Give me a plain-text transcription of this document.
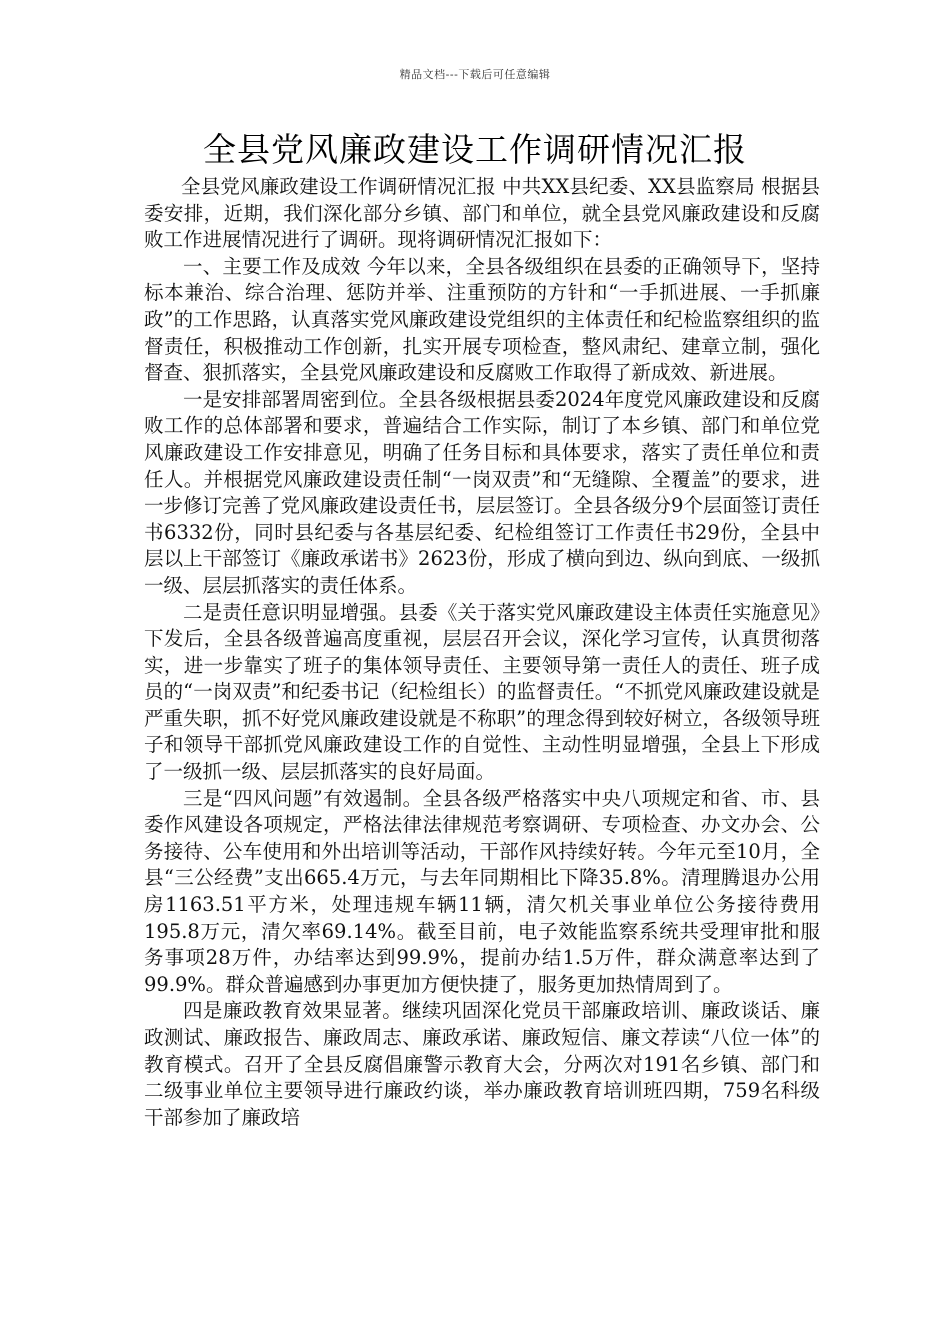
精品文档---下载后可任意编辑
全县党风廉政建设工作调研情况汇报

全县党风廉政建设工作调研情况汇报 中共XX县纪委、XX县监察局 根据县委安排，近期，我们深化部分乡镇、部门和单位，就全县党风廉政建设和反腐败工作进展情况进行了调研。现将调研情况汇报如下：

一、主要工作及成效 今年以来，全县各级组织在县委的正确领导下，坚持标本兼治、综合治理、惩防并举、注重预防的方针和“一手抓进展、一手抓廉政”的工作思路，认真落实党风廉政建设党组织的主体责任和纪检监察组织的监督责任，积极推动工作创新，扎实开展专项检查，整风肃纪、建章立制，强化督查、狠抓落实，全县党风廉政建设和反腐败工作取得了新成效、新进展。

一是安排部署周密到位。全县各级根据县委2024年度党风廉政建设和反腐败工作的总体部署和要求，普遍结合工作实际，制订了本乡镇、部门和单位党风廉政建设工作安排意见，明确了任务目标和具体要求，落实了责任单位和责任人。并根据党风廉政建设责任制“一岗双责”和“无缝隙、全覆盖”的要求，进一步修订完善了党风廉政建设责任书，层层签订。全县各级分9个层面签订责任书6332份，同时县纪委与各基层纪委、纪检组签订工作责任书29份，全县中层以上干部签订《廉政承诺书》2623份，形成了横向到边、纵向到底、一级抓一级、层层抓落实的责任体系。

二是责任意识明显增强。县委《关于落实党风廉政建设主体责任实施意见》下发后，全县各级普遍高度重视，层层召开会议，深化学习宣传，认真贯彻落实，进一步靠实了班子的集体领导责任、主要领导第一责任人的责任、班子成员的“一岗双责”和纪委书记（纪检组长）的监督责任。“不抓党风廉政建设就是严重失职，抓不好党风廉政建设就是不称职”的理念得到较好树立，各级领导班子和领导干部抓党风廉政建设工作的自觉性、主动性明显增强，全县上下形成了一级抓一级、层层抓落实的良好局面。

三是“四风问题”有效遏制。全县各级严格落实中央八项规定和省、市、县委作风建设各项规定，严格法律法律规范考察调研、专项检查、办文办会、公务接待、公车使用和外出培训等活动，干部作风持续好转。今年元至10月，全县“三公经费”支出665.4万元，与去年同期相比下降35.8%。清理腾退办公用房1163.51平方米，处理违规车辆11辆，清欠机关事业单位公务接待费用195.8万元，清欠率69.14%。截至目前，电子效能监察系统共受理审批和服务事项28万件，办结率达到99.9%，提前办结1.5万件，群众满意率达到了99.9%。群众普遍感到办事更加方便快捷了，服务更加热情周到了。

四是廉政教育效果显著。继续巩固深化党员干部廉政培训、廉政谈话、廉政测试、廉政报告、廉政周志、廉政承诺、廉政短信、廉文荐读“八位一体”的教育模式。召开了全县反腐倡廉警示教育大会，分两次对191名乡镇、部门和二级事业单位主要领导进行廉政约谈，举办廉政教育培训班四期，759名科级干部参加了廉政培
